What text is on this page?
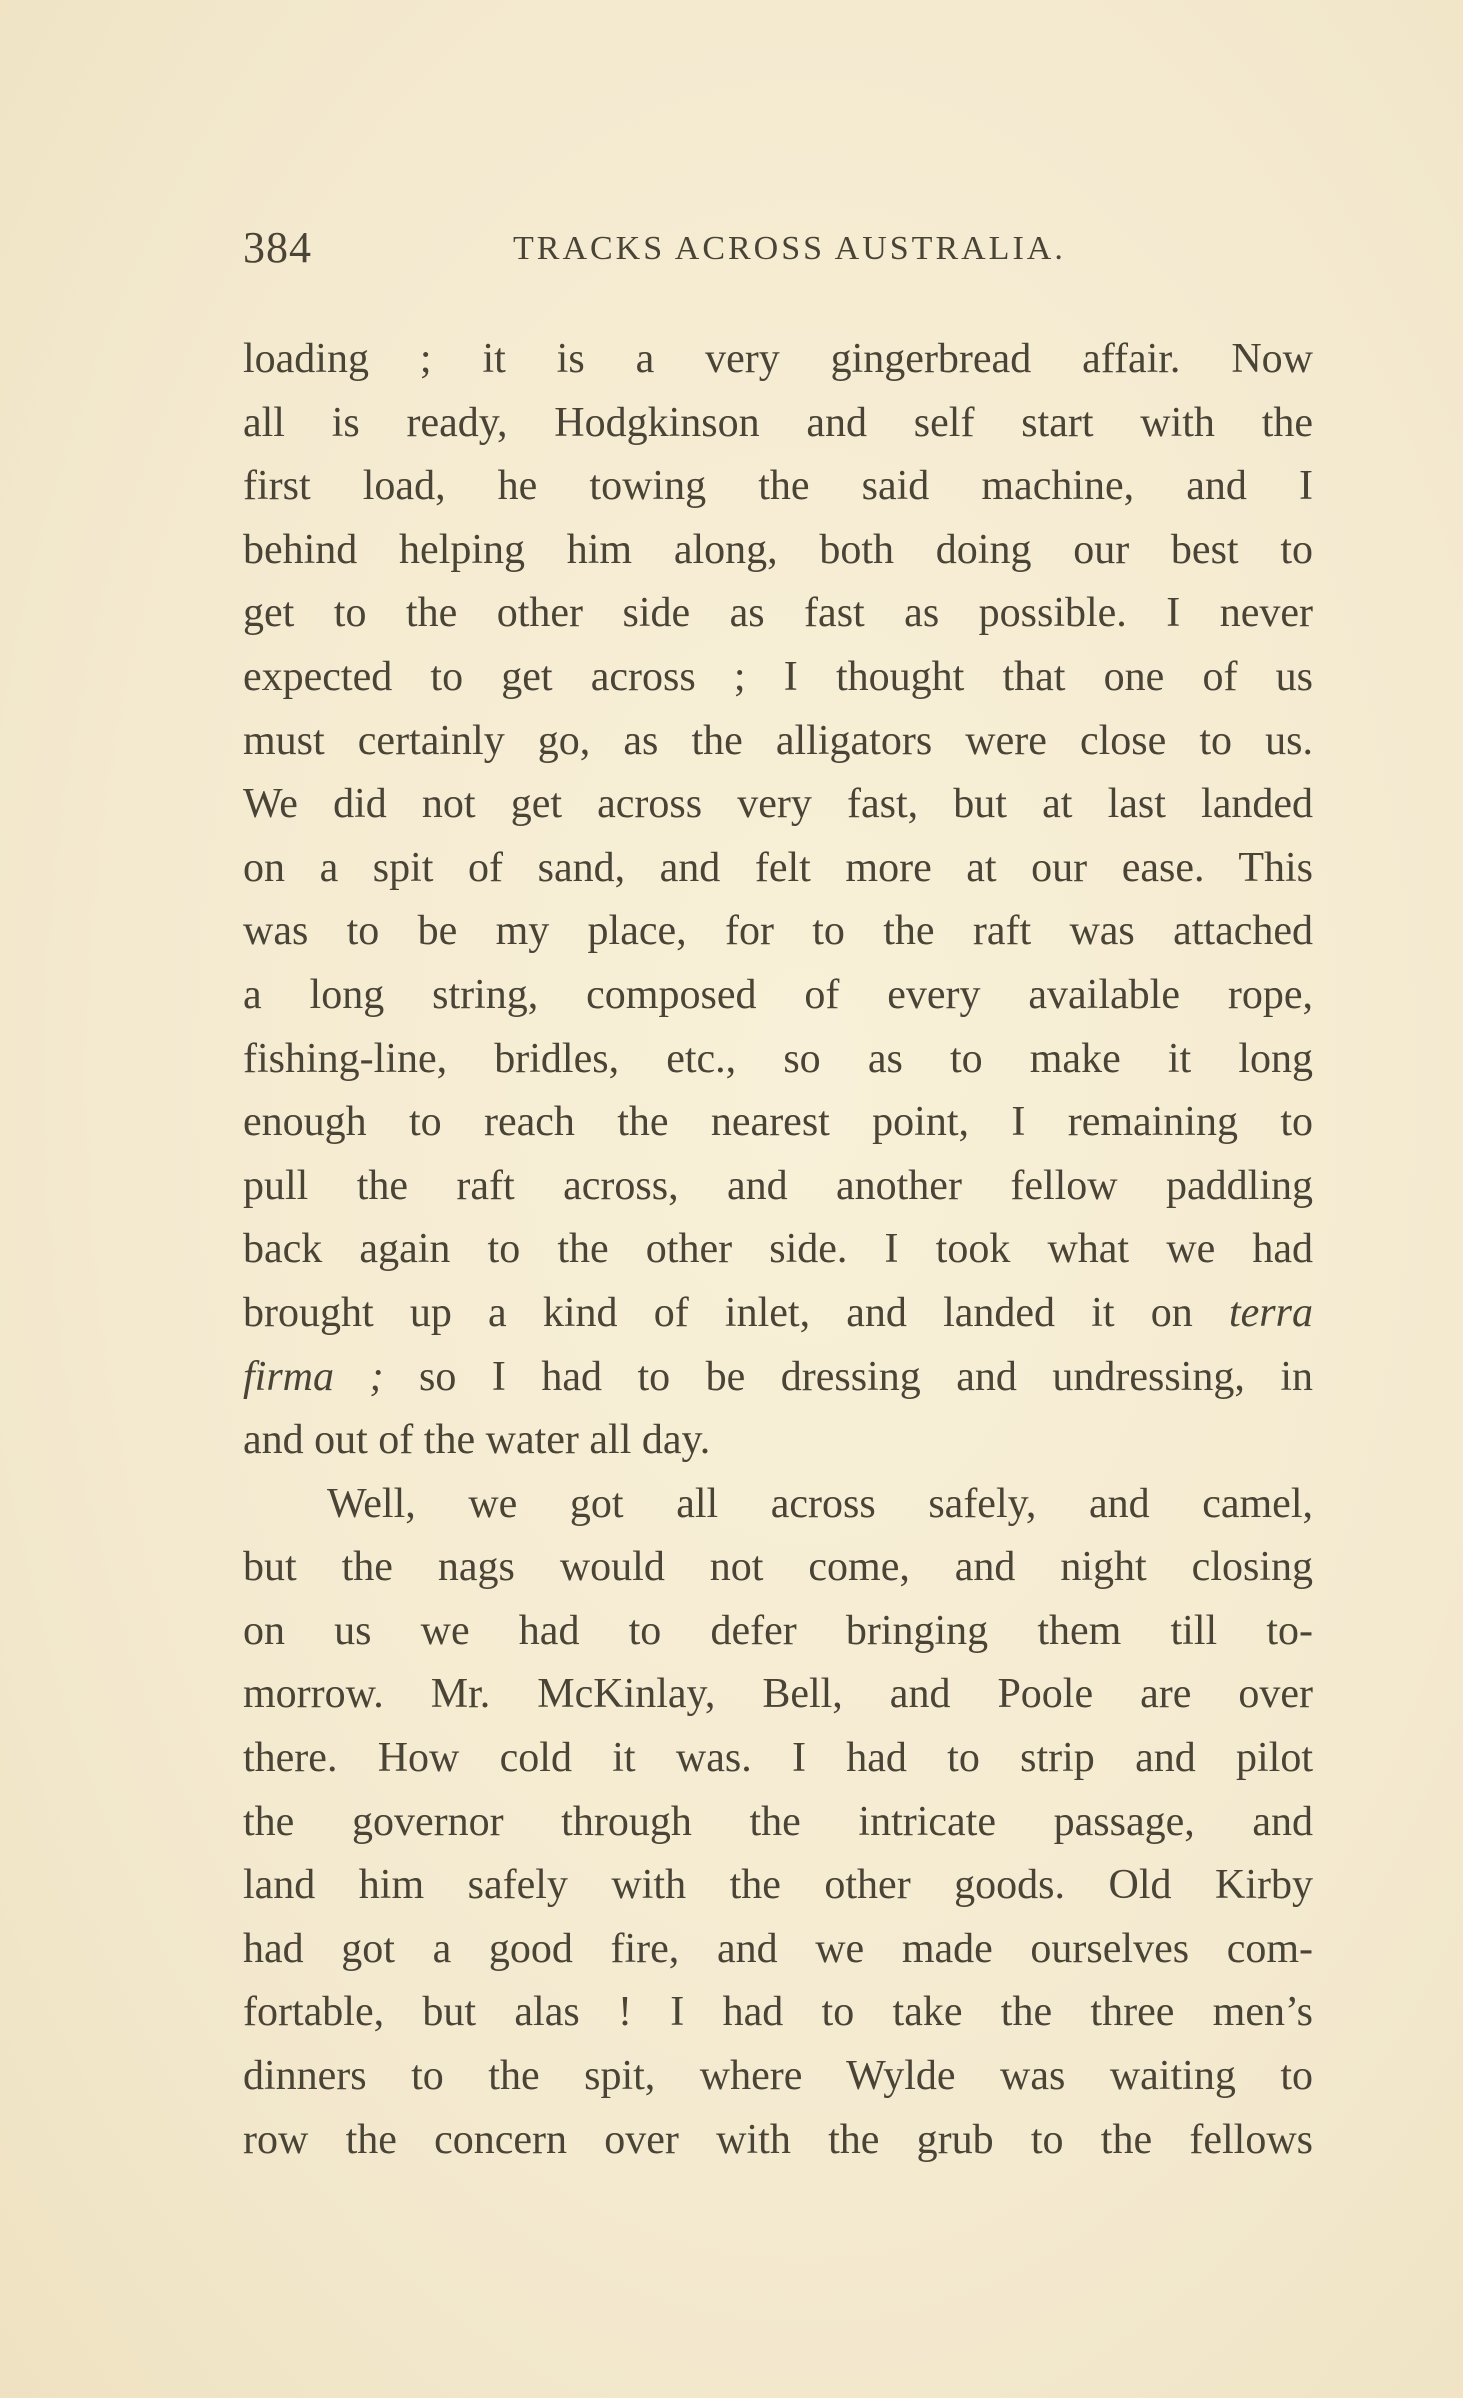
384	TRACKS ACROSS AUSTRALIA.
loading ; it is a very gingerbread affair. Now
all is ready, Hodgkinson and self start with the
first load, he towing the said machine, and I
behind helping him along, both doing our best to
get to the other side as fast as possible. I never
expected to get across ; I thought that one of us
must certainly go, as the alligators were close to us.
We did not get across very fast, but at last landed
on a spit of sand, and felt more at our ease. This
was to be my place, for to the raft was attached
a long string, composed of every available rope,
fishing-line, bridles, etc., so as to make it long
enough to reach the nearest point, I remaining to
pull the raft across, and another fellow paddling
back again to the other side. I took what we had
brought up a kind of inlet, and landed it on terra
firma ; so I had to be dressing and undressing, in
and out of the water all day.
Well, we got all across safely, and camel,
but the nags would not come, and night closing
on us we had to defer bringing them till to-
morrow. Mr. McKinlay, Bell, and Poole are over
there. How cold it was. I had to strip and pilot
the governor through the intricate passage, and
land him safely with the other goods. Old Kirby
had got a good fire, and we made ourselves com-
fortable, but alas ! I had to take the three men’s
dinners to the spit, where Wylde was waiting to
row the concern over with the grub to the fellows
